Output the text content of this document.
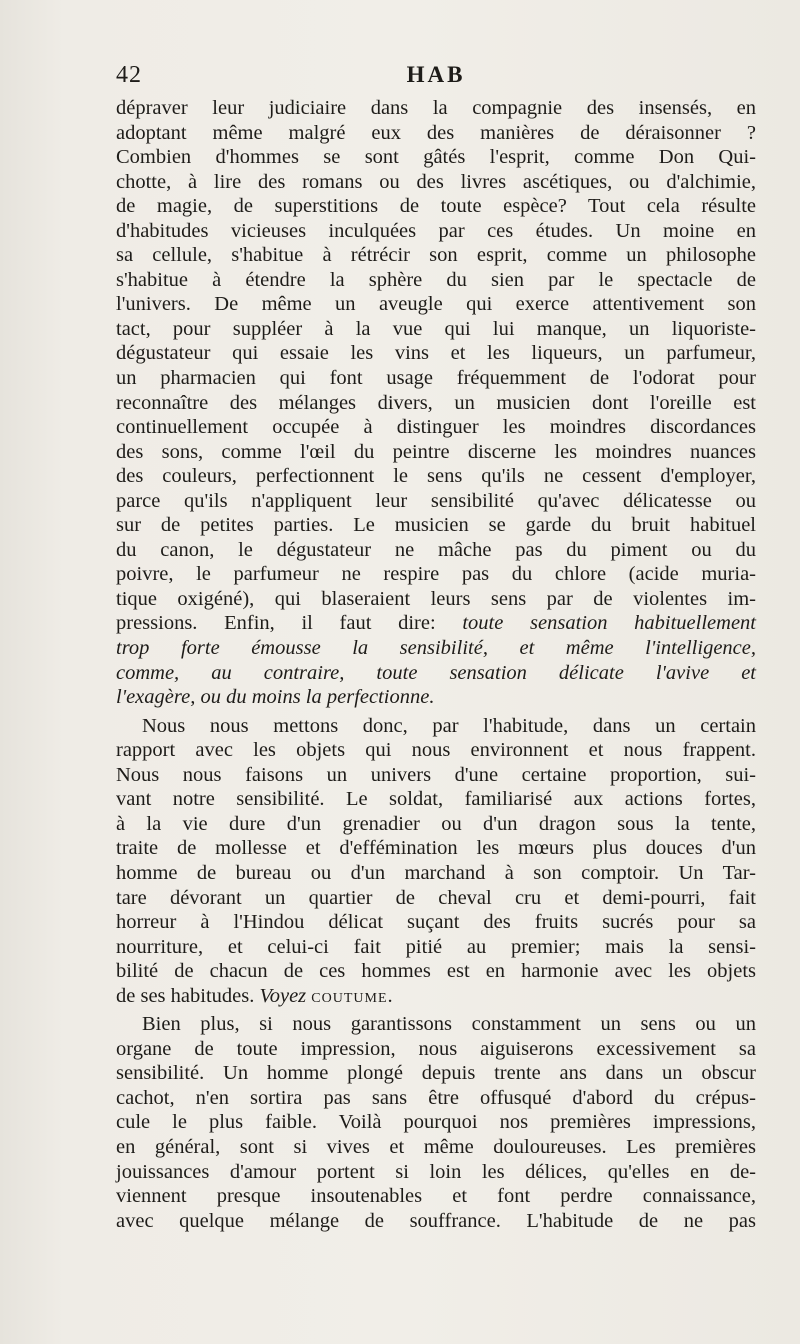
42	HAB
dépraver leur judiciaire dans la compagnie des insensés, en
adoptant même malgré eux des manières de déraisonner ?
Combien d'hommes se sont gâtés l'esprit, comme Don Qui-
chotte, à lire des romans ou des livres ascétiques, ou d'alchimie,
de magie, de superstitions de toute espèce? Tout cela résulte
d'habitudes vicieuses inculquées par ces études. Un moine en
sa cellule, s'habitue à rétrécir son esprit, comme un philosophe
s'habitue à étendre la sphère du sien par le spectacle de
l'univers. De même un aveugle qui exerce attentivement son
tact, pour suppléer à la vue qui lui manque, un liquoriste-
dégustateur qui essaie les vins et les liqueurs, un parfumeur,
un pharmacien qui font usage fréquemment de l'odorat pour
reconnaître des mélanges divers, un musicien dont l'oreille est
continuellement occupée à distinguer les moindres discordances
des sons, comme l'œil du peintre discerne les moindres nuances
des couleurs, perfectionnent le sens qu'ils ne cessent d'employer,
parce qu'ils n'appliquent leur sensibilité qu'avec délicatesse ou
sur de petites parties. Le musicien se garde du bruit habituel
du canon, le dégustateur ne mâche pas du piment ou du
poivre, le parfumeur ne respire pas du chlore (acide muria-
tique oxigéné), qui blaseraient leurs sens par de violentes im-
pressions. Enfin, il faut dire: toute sensation habituellement
trop forte émousse la sensibilité, et même l'intelligence,
comme, au contraire, toute sensation délicate l'avive et
l'exagère, ou du moins la perfectionne.
Nous nous mettons donc, par l'habitude, dans un certain
rapport avec les objets qui nous environnent et nous frappent.
Nous nous faisons un univers d'une certaine proportion, sui-
vant notre sensibilité. Le soldat, familiarisé aux actions fortes,
à la vie dure d'un grenadier ou d'un dragon sous la tente,
traite de mollesse et d'effémination les mœurs plus douces d'un
homme de bureau ou d'un marchand à son comptoir. Un Tar-
tare dévorant un quartier de cheval cru et demi-pourri, fait
horreur à l'Hindou délicat suçant des fruits sucrés pour sa
nourriture, et celui-ci fait pitié au premier; mais la sensi-
bilité de chacun de ces hommes est en harmonie avec les objets
de ses habitudes. Voyez coutume.
Bien plus, si nous garantissons constamment un sens ou un
organe de toute impression, nous aiguiserons excessivement sa
sensibilité. Un homme plongé depuis trente ans dans un obscur
cachot, n'en sortira pas sans être offusqué d'abord du crépus-
cule le plus faible. Voilà pourquoi nos premières impressions,
en général, sont si vives et même douloureuses. Les premières
jouissances d'amour portent si loin les délices, qu'elles en de-
viennent presque insoutenables et font perdre connaissance,
avec quelque mélange de souffrance. L'habitude de ne pas
